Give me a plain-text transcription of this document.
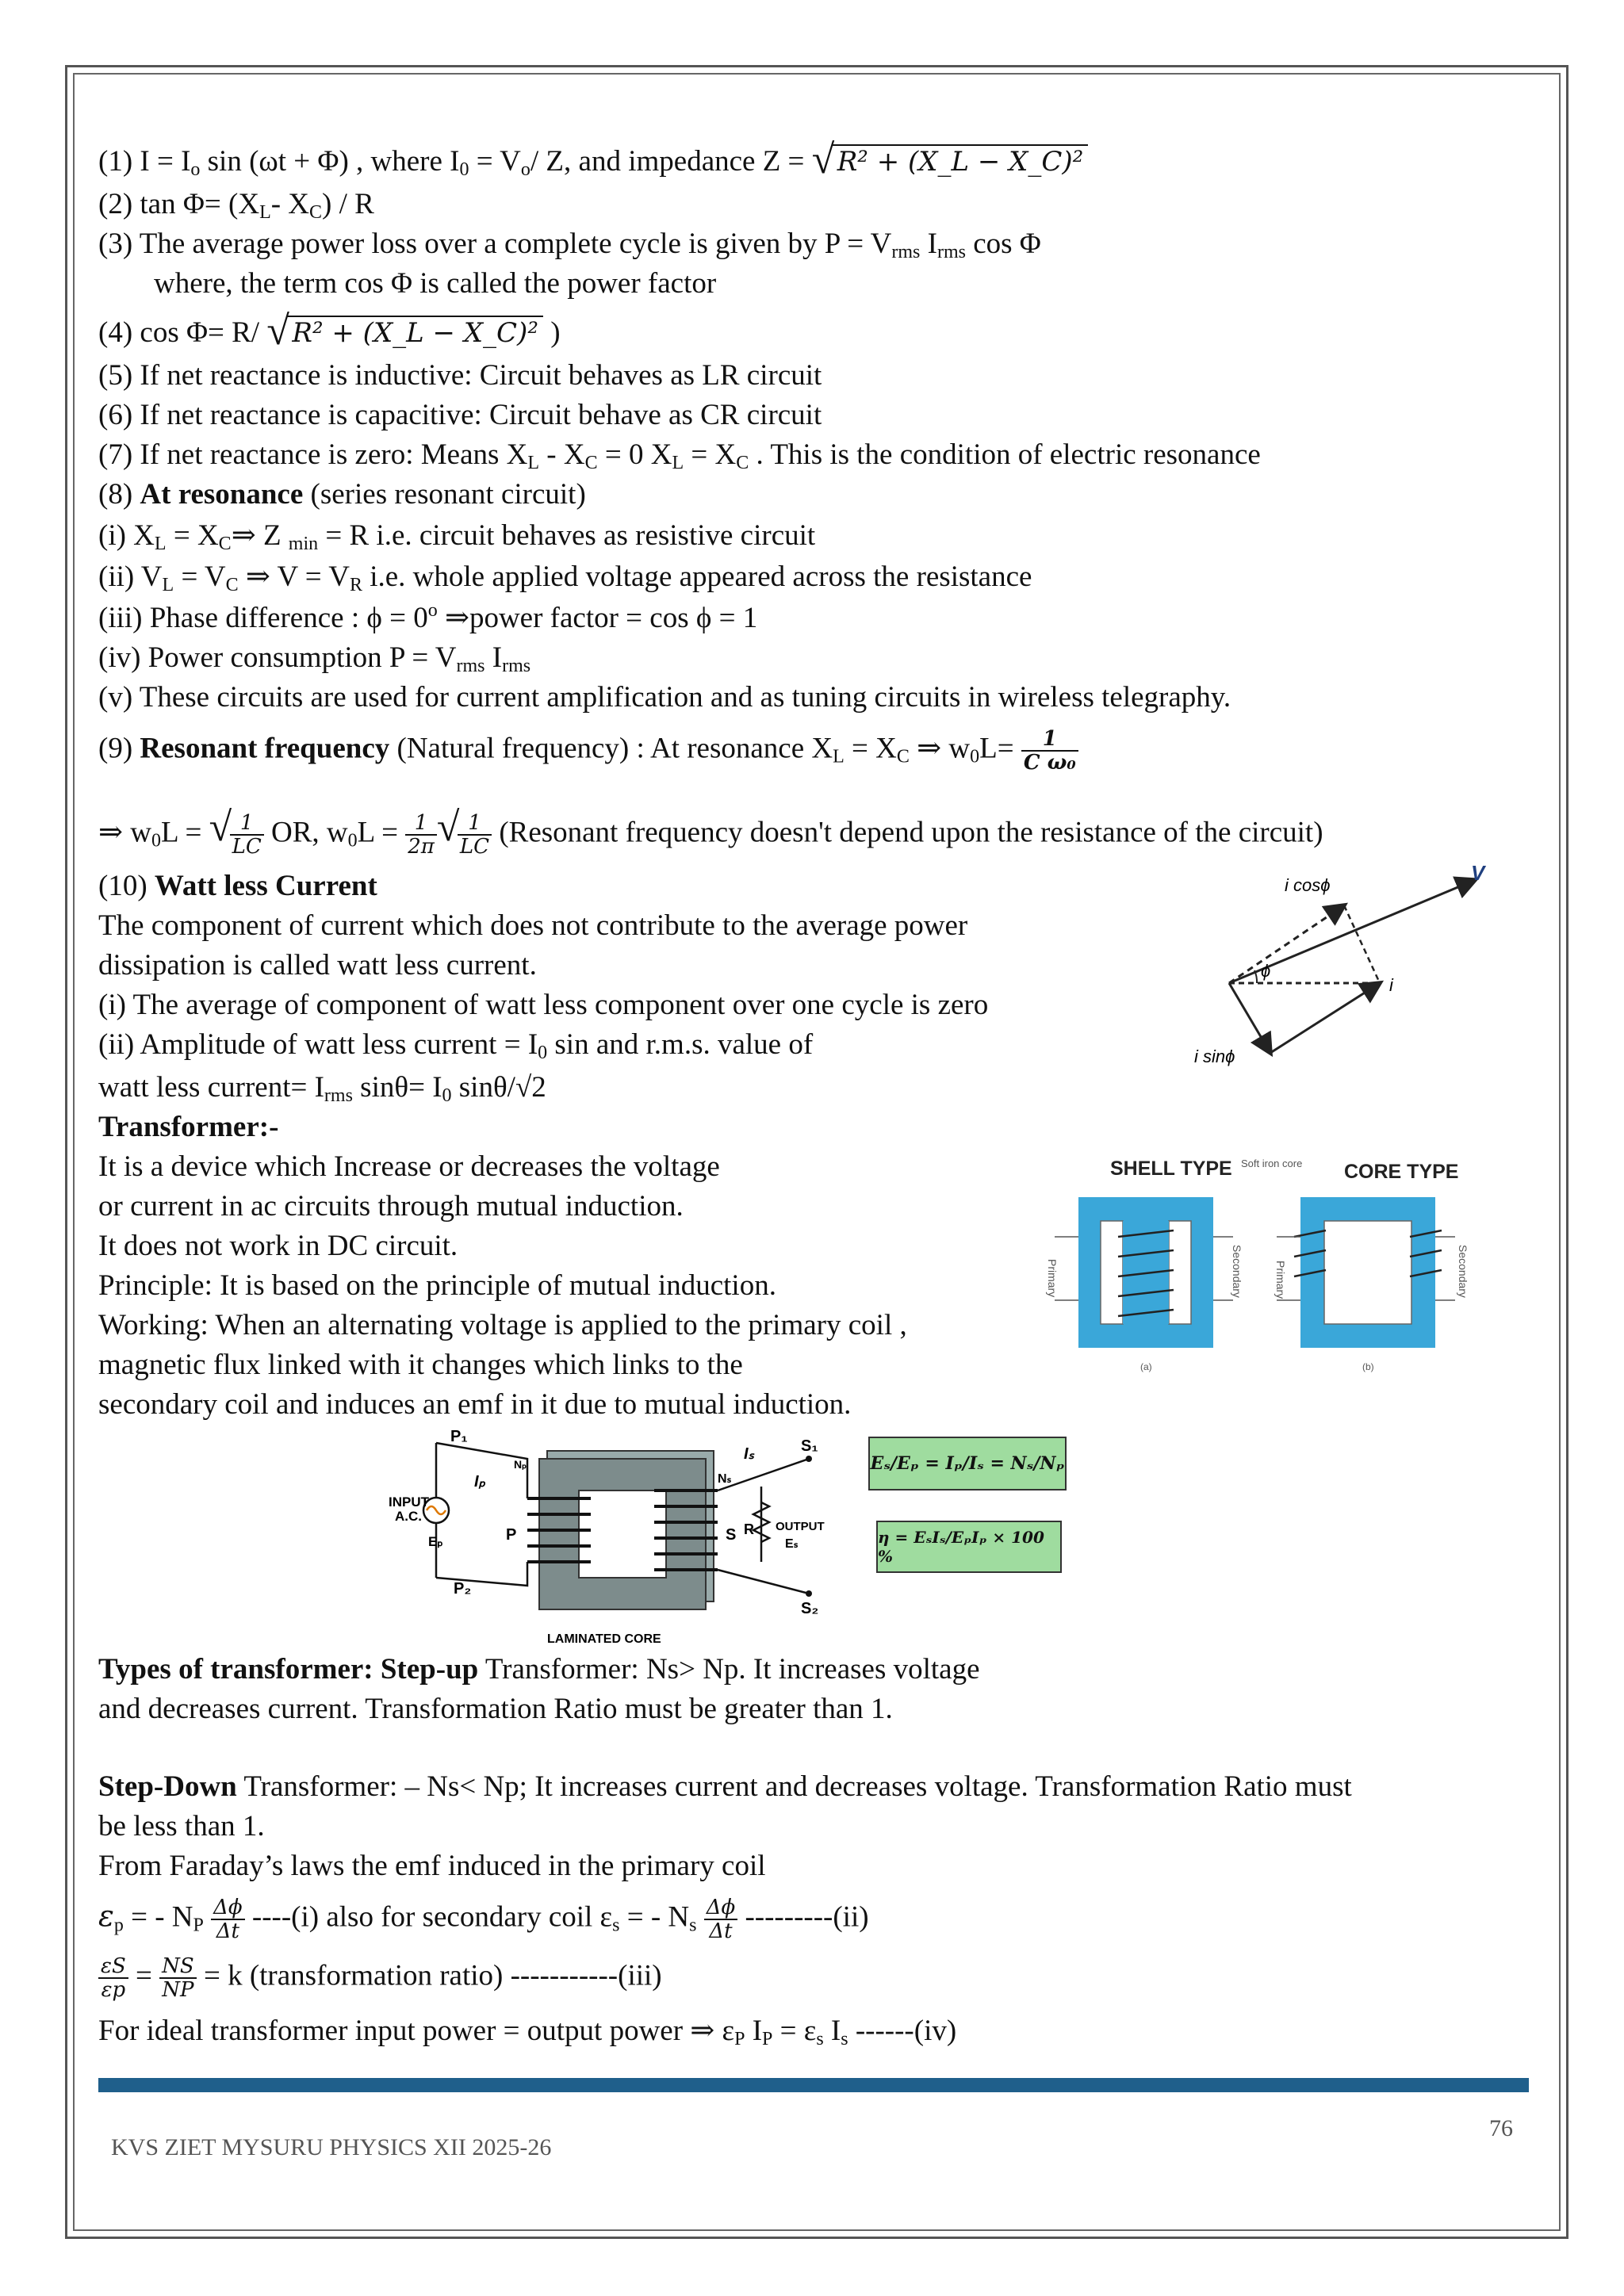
(1) $I = I_o$ sin (ωt + Φ) , where $I_0 = V_o/$ Z, and impedance Z = √ R² + (X_L − X_C)²
(2) $\tan \Phi= (X_L-$ $X_C$) / R
(3) The average power loss over a complete cycle is given by $P = V_{rms}$ $I_{rms}$ cos Φ
where, the term cos Φ is called the power factor
(4) cos Φ= R/ √ R² + (X_L − X_C)² )
(5) If net reactance is inductive: Circuit behaves as LR circuit
(6) If net reactance is capacitive: Circuit behave as CR circuit
(7) If net reactance is zero: Means $X_L - X_C = 0$ $X_L = X_C$ . This is the condition of electric resonance
(8) At resonance (series resonant circuit)
(i) $X_L$ = $X_C\Rightarrow$ Z $_{min}$ = R i.e. circuit behaves as resistive circuit
(ii) $V_L = V_C$ ⇒ $V = V_R$ i.e. whole applied voltage appeared across the resistance
(iii) Phase difference : $\phi = 0^o$ ⇒power factor = cos ϕ = 1
(iv) Power consumption $P = V_{rms}$ $I_{rms}$
(v) These circuits are used for current amplification and as tuning circuits in wireless telegraphy.
(9) Resonant frequency (Natural frequency) : At resonance $X_L = X_C$ ⇒ $w_0L= \frac{1}{\text{C ω₀}}$
⇒ $w_0L$ = √
$\frac{1}{LC}$ OR, $w_0L = \frac{1}{2\pi}$ √
$\frac{1}{LC}$ (Resonant frequency doesn't depend upon the resistance of the circuit)
(10) Watt less Current
The component of current which does not contribute to the average power
dissipation is called watt less current.
(i) The average of component of watt less component over one cycle is zero
(ii) Amplitude of watt less current = $I_0$ sin and r.m.s. value of
watt less current= $I_{rms}$ $\sin\theta= I_0$ sinθ/√2
ϕ
V
i cosϕ
i
i sinϕ
Transformer:-
It is a device which Increase or decreases the voltage
or current in ac circuits through mutual induction.
It does not work in DC circuit.
Principle: It is based on the principle of mutual induction.
Working: When an alternating voltage is applied to the primary coil ,
magnetic flux linked with it changes which links to the
secondary coil and induces an emf in it due to mutual induction.
SHELL TYPE Soft iron core CORE TYPE
Primary	Secondary
(a)
Primary	Secondary
(b)
P₁
P₂
INPUT
A.C.
Eₚ
Iₚ
Nₚ
P
Nₛ
Iₛ
S R OUTPUT
Eₛ
S₁
S₂
LAMINATED CORE
Eₛ/Eₚ = Iₚ/Iₛ = Nₛ/Nₚ
η = EₛIₛ/EₚIₚ × 100 %
Types of transformer: Step-up Transformer: Ns> Np. It increases voltage
and decreases current. Transformation Ratio must be greater than 1.
Step-Down Transformer: – Ns< Np; It increases current and decreases voltage. Transformation Ratio must
be less than 1.
From Faraday’s laws the emf induced in the primary coil
$\varepsilon_p$ = - $N_P \frac{\Delta\phi}{\Delta t} ----(i)$ also for secondary coil $\varepsilon_s$ = - $N_s \frac{\Delta\phi}{\Delta t} ---------(ii)$
$\frac{\varepsilon S}{\varepsilon p} = \frac{NS}{NP} = k$ (transformation ratio) -----------(iii)
For ideal transformer input power = output power ⇒ $\varepsilon_P$ $I_P = \varepsilon_s$ $I_s$ ------(iv)
KVS ZIET MYSURU PHYSICS XII 2025-26
76
